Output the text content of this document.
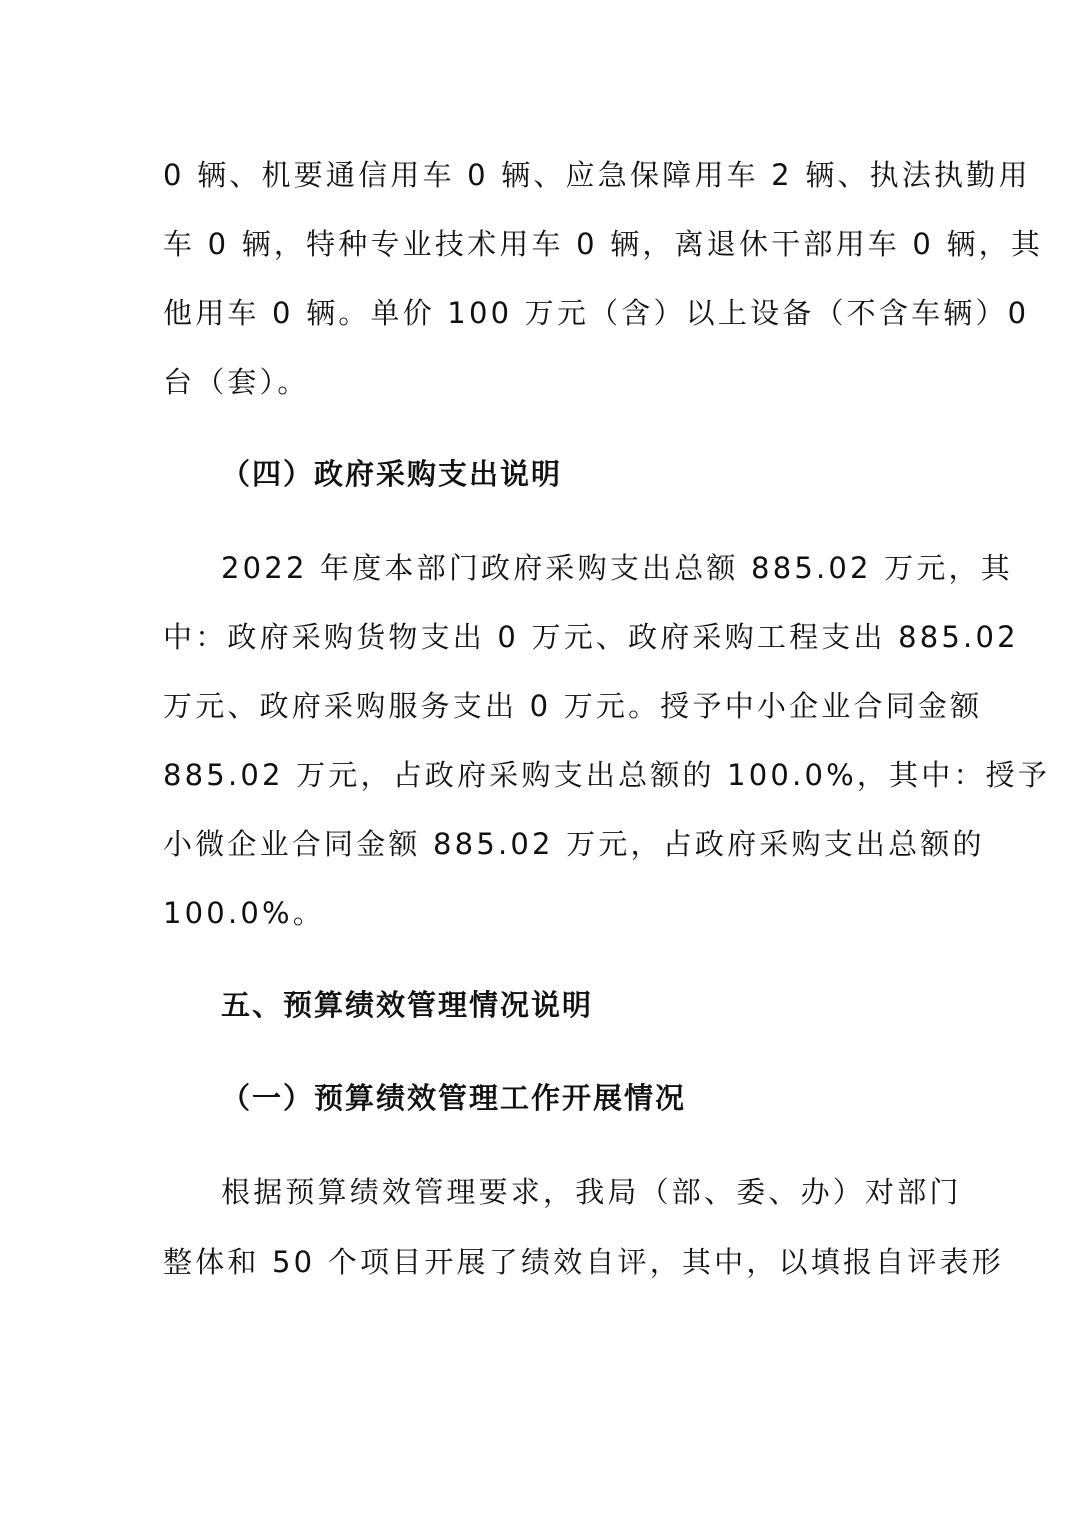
0 辆、机要通信用车 0 辆、应急保障用车 2 辆、执法执勤用
车 0 辆，特种专业技术用车 0 辆，离退休干部用车 0 辆，其
他用车 0 辆。单价 100 万元（含）以上设备（不含车辆）0
台（套）。
（四）政府采购支出说明
2022 年度本部门政府采购支出总额 885.02 万元，其
中：政府采购货物支出 0 万元、政府采购工程支出 885.02
万元、政府采购服务支出 0 万元。授予中小企业合同金额
885.02 万元，占政府采购支出总额的 100.0%，其中：授予
小微企业合同金额 885.02 万元，占政府采购支出总额的
100.0%。
五、预算绩效管理情况说明
（一）预算绩效管理工作开展情况
根据预算绩效管理要求，我局（部、委、办）对部门
整体和 50 个项目开展了绩效自评，其中，以填报自评表形
